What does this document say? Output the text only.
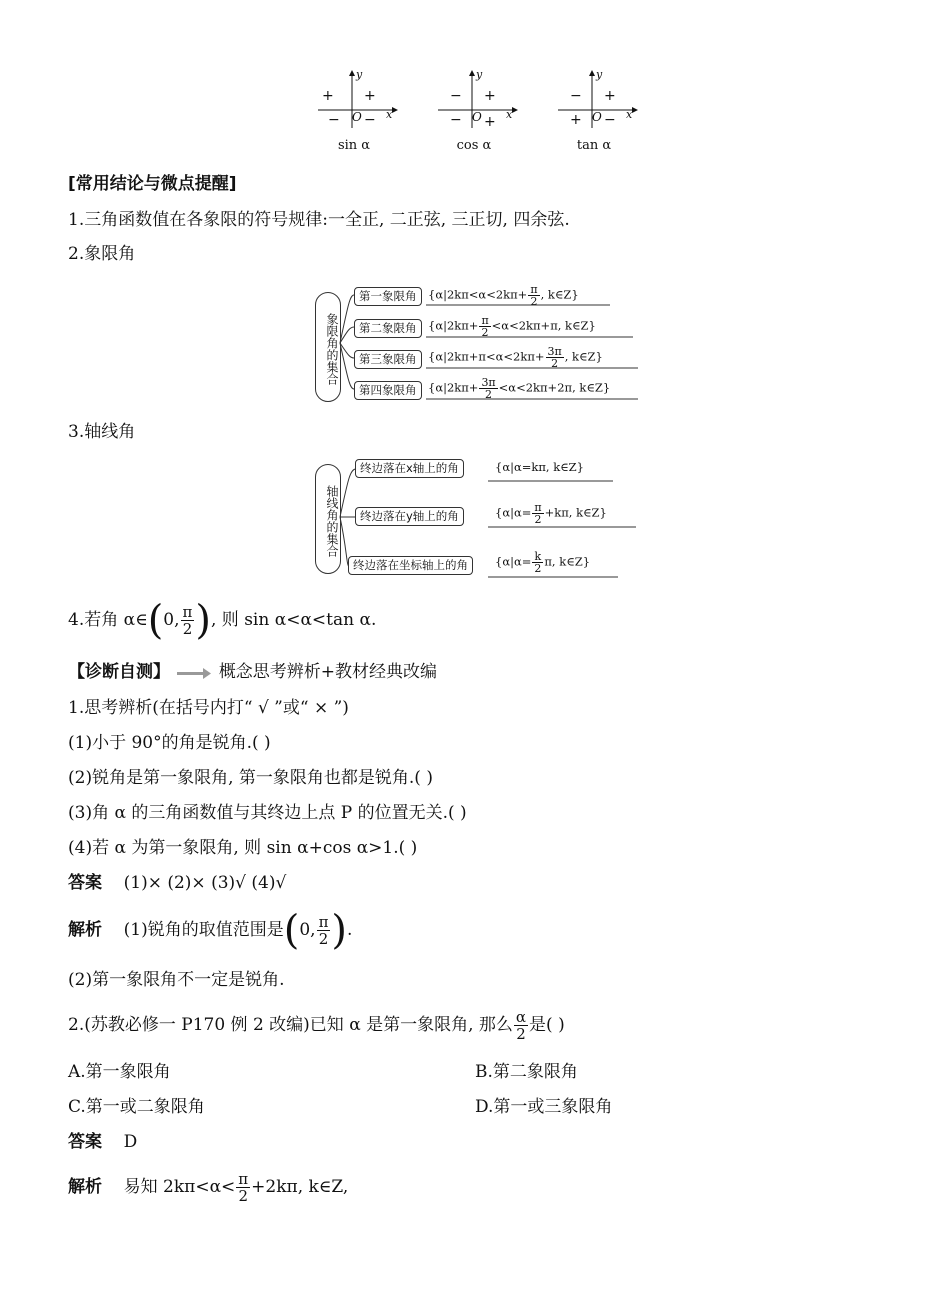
y
x
O
+ +
− −
sin α
y
x
O
− +
− +
cos α
y
x
O
− +
+ −
tan α
[常用结论与微点提醒]
1.三角函数值在各象限的符号规律:一全正, 二正弦, 三正切, 四余弦.
2.象限角
象限角的集合
第一象限角	{$\alpha|2k\pi<\alpha<2k\pi+ \frac{\pi}{2}$ , k∈Z}
第二象限角	{$\alpha|2k\pi+ \frac{\pi}{2} <\alpha<2k\pi+\pi$, k∈Z}
第三象限角	{$\alpha|2k\pi+\pi<\alpha<2k\pi+ \frac{3\pi}{2}$ , k∈Z}
第四象限角	{$\alpha|2k\pi+ \frac{3\pi}{2} <\alpha<2k\pi+2\pi$, k∈Z}
3.轴线角
轴线角的集合
终边落在x轴上的角	{α|α=kπ, k∈Z}
终边落在y轴上的角	{$\alpha|\alpha= \frac{\pi}{2} +k\pi$, k∈Z}
终边落在坐标轴上的角	{$\alpha|\alpha= \frac{k}{2} \pi$, k∈Z}
4.若角 α∈(0, $\frac{\pi}{2}$ ), 则 sin α<α<tan α.
【诊断自测】	概念思考辨析+教材经典改编
1.思考辨析(在括号内打“ √ ”或“ × ”)
(1)小于 90°的角是锐角.( )
(2)锐角是第一象限角, 第一象限角也都是锐角.( )
(3)角 α 的三角函数值与其终边上点 P 的位置无关.( )
(4)若 α 为第一象限角, 则 sin α+cos α>1.( )
答案 (1)× (2)× (3)√ (4)√
解析 (1)锐角的取值范围是(0, $\frac{\pi}{2}$ ).
(2)第一象限角不一定是锐角.
2.(苏教必修一 P170 例 2 改编)已知 α 是第一象限角, 那么 $\frac{\alpha}{2}$ 是( )
A.第一象限角	B.第二象限角
C.第一或二象限角	D.第一或三象限角
答案 D
解析 易知 $2k\pi<\alpha< \frac{\pi}{2} +2k\pi$, k∈Z,
